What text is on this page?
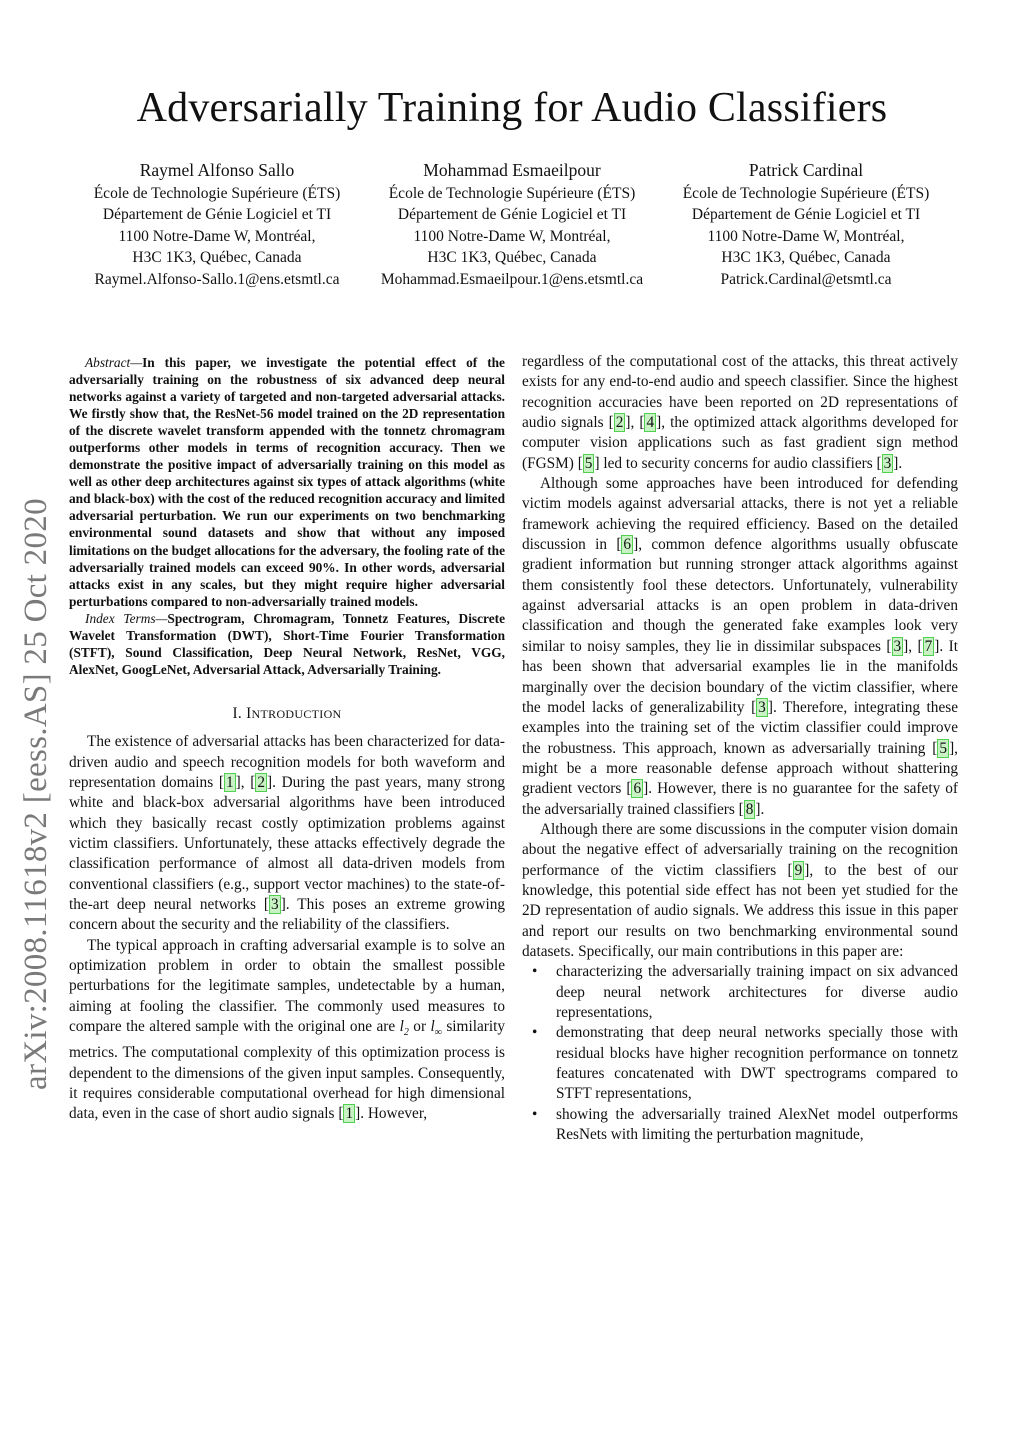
arXiv:2008.11618v2 [eess.AS] 25 Oct 2020
Adversarially Training for Audio Classifiers
Raymel Alfonso Sallo
École de Technologie Supérieure (ÉTS)
Département de Génie Logiciel et TI
1100 Notre-Dame W, Montréal,
H3C 1K3, Québec, Canada
Raymel.Alfonso-Sallo.1@ens.etsmtl.ca
Mohammad Esmaeilpour
École de Technologie Supérieure (ÉTS)
Département de Génie Logiciel et TI
1100 Notre-Dame W, Montréal,
H3C 1K3, Québec, Canada
Mohammad.Esmaeilpour.1@ens.etsmtl.ca
Patrick Cardinal
École de Technologie Supérieure (ÉTS)
Département de Génie Logiciel et TI
1100 Notre-Dame W, Montréal,
H3C 1K3, Québec, Canada
Patrick.Cardinal@etsmtl.ca

Abstract—In this paper, we investigate the potential effect of the adversarially training on the robustness of six advanced deep neural networks against a variety of targeted and non-targeted adversarial attacks. We firstly show that, the ResNet-56 model trained on the 2D representation of the discrete wavelet transform appended with the tonnetz chromagram outperforms other models in terms of recognition accuracy. Then we demonstrate the positive impact of adversarially training on this model as well as other deep architectures against six types of attack algorithms (white and black-box) with the cost of the reduced recognition accuracy and limited adversarial perturbation. We run our experiments on two benchmarking environmental sound datasets and show that without any imposed limitations on the budget allocations for the adversary, the fooling rate of the adversarially trained models can exceed 90%. In other words, adversarial attacks exist in any scales, but they might require higher adversarial perturbations compared to non-adversarially trained models.

Index Terms—Spectrogram, Chromagram, Tonnetz Features, Discrete Wavelet Transformation (DWT), Short-Time Fourier Transformation (STFT), Sound Classification, Deep Neural Network, ResNet, VGG, AlexNet, GoogLeNet, Adversarial Attack, Adversarially Training.

I. INTRODUCTION

The existence of adversarial attacks has been characterized for data-driven audio and speech recognition models for both waveform and representation domains [ 1 ], [ 2 ]. During the past years, many strong white and black-box adversarial algorithms have been introduced which they basically recast costly optimization problems against victim classifiers. Unfortunately, these attacks effectively degrade the classification performance of almost all data-driven models from conventional classifiers (e.g., support vector machines) to the state-of-the-art deep neural networks [ 3 ]. This poses an extreme growing concern about the security and the reliability of the classifiers.

The typical approach in crafting adversarial example is to solve an optimization problem in order to obtain the smallest possible perturbations for the legitimate samples, undetectable by a human, aiming at fooling the classifier. The commonly used measures to compare the altered sample with the original one are $l_2$ or $l_\infty$ similarity metrics. The computational complexity of this optimization process is dependent to the dimensions of the given input samples. Consequently, it requires considerable computational overhead for high dimensional data, even in the case of short audio signals [ 1 ]. However,

regardless of the computational cost of the attacks, this threat actively exists for any end-to-end audio and speech classifier. Since the highest recognition accuracies have been reported on 2D representations of audio signals [ 2 ], [ 4 ], the optimized attack algorithms developed for computer vision applications such as fast gradient sign method (FGSM) [ 5 ] led to security concerns for audio classifiers [ 3 ].

Although some approaches have been introduced for defending victim models against adversarial attacks, there is not yet a reliable framework achieving the required efficiency. Based on the detailed discussion in [ 6 ], common defence algorithms usually obfuscate gradient information but running stronger attack algorithms against them consistently fool these detectors. Unfortunately, vulnerability against adversarial attacks is an open problem in data-driven classification and though the generated fake examples look very similar to noisy samples, they lie in dissimilar subspaces [ 3 ], [ 7 ]. It has been shown that adversarial examples lie in the manifolds marginally over the decision boundary of the victim classifier, where the model lacks of generalizability [ 3 ]. Therefore, integrating these examples into the training set of the victim classifier could improve the robustness. This approach, known as adversarially training [ 5 ], might be a more reasonable defense approach without shattering gradient vectors [ 6 ]. However, there is no guarantee for the safety of the adversarially trained classifiers [ 8 ].

Although there are some discussions in the computer vision domain about the negative effect of adversarially training on the recognition performance of the victim classifiers [ 9 ], to the best of our knowledge, this potential side effect has not been yet studied for the 2D representation of audio signals. We address this issue in this paper and report our results on two benchmarking environmental sound datasets. Specifically, our main contributions in this paper are:

• characterizing the adversarially training impact on six advanced deep neural network architectures for diverse audio representations,
• demonstrating that deep neural networks specially those with residual blocks have higher recognition performance on tonnetz features concatenated with DWT spectrograms compared to STFT representations,
• showing the adversarially trained AlexNet model outperforms ResNets with limiting the perturbation magnitude,
